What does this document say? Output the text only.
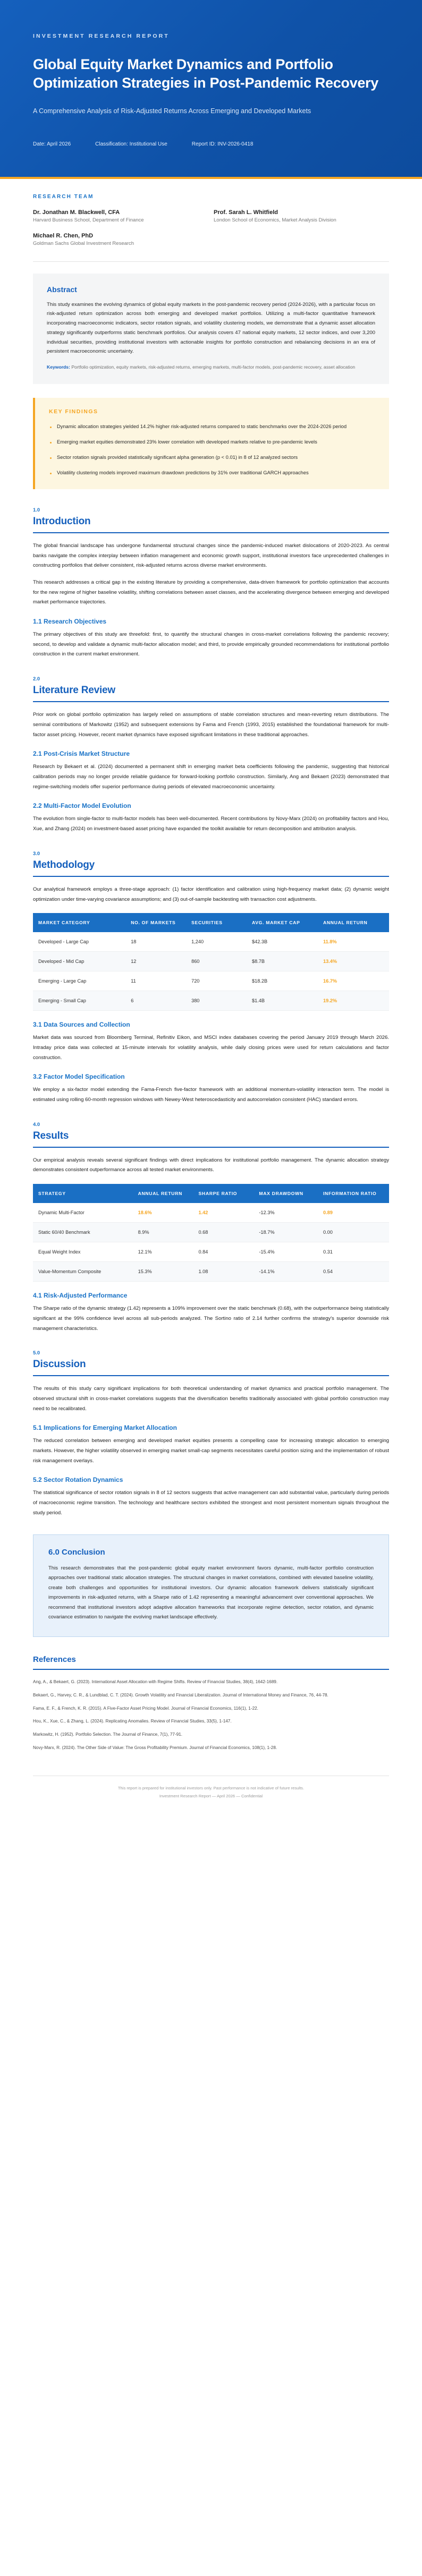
INVESTMENT RESEARCH REPORT
Global Equity Market Dynamics and Portfolio Optimization Strategies in Post-Pandemic Recovery
A Comprehensive Analysis of Risk-Adjusted Returns Across Emerging and Developed Markets
Date: April 2026	Classification: Institutional Use	Report ID: INV-2026-0418
RESEARCH TEAM
Dr. Jonathan M. Blackwell, CFA
Harvard Business School, Department of Finance
Prof. Sarah L. Whitfield
London School of Economics, Market Analysis Division
Michael R. Chen, PhD
Goldman Sachs Global Investment Research
Abstract

This study examines the evolving dynamics of global equity markets in the post-pandemic recovery period (2024-2026), with a particular focus on risk-adjusted return optimization across both emerging and developed market portfolios. Utilizing a multi-factor quantitative framework incorporating macroeconomic indicators, sector rotation signals, and volatility clustering models, we demonstrate that a dynamic asset allocation strategy significantly outperforms static benchmark portfolios. Our analysis covers 47 national equity markets, 12 sector indices, and over 3,200 individual securities, providing institutional investors with actionable insights for portfolio construction and rebalancing decisions in an era of persistent macroeconomic uncertainty.

Keywords: Portfolio optimization, equity markets, risk-adjusted returns, emerging markets, multi-factor models, post-pandemic recovery, asset allocation
KEY FINDINGS
Dynamic allocation strategies yielded 14.2% higher risk-adjusted returns compared to static benchmarks over the 2024-2026 period
Emerging market equities demonstrated 23% lower correlation with developed markets relative to pre-pandemic levels
Sector rotation signals provided statistically significant alpha generation (p < 0.01) in 8 of 12 analyzed sectors
Volatility clustering models improved maximum drawdown predictions by 31% over traditional GARCH approaches
1.0
Introduction

The global financial landscape has undergone fundamental structural changes since the pandemic-induced market dislocations of 2020-2023. As central banks navigate the complex interplay between inflation management and economic growth support, institutional investors face unprecedented challenges in constructing portfolios that deliver consistent, risk-adjusted returns across diverse market environments.

This research addresses a critical gap in the existing literature by providing a comprehensive, data-driven framework for portfolio optimization that accounts for the new regime of higher baseline volatility, shifting correlations between asset classes, and the accelerating divergence between emerging and developed market performance trajectories.

1.1 Research Objectives

The primary objectives of this study are threefold: first, to quantify the structural changes in cross-market correlations following the pandemic recovery; second, to develop and validate a dynamic multi-factor allocation model; and third, to provide empirically grounded recommendations for institutional portfolio construction in the current market environment.

2.0
Literature Review

Prior work on global portfolio optimization has largely relied on assumptions of stable correlation structures and mean-reverting return distributions. The seminal contributions of Markowitz (1952) and subsequent extensions by Fama and French (1993, 2015) established the foundational framework for multi-factor asset pricing. However, recent market dynamics have exposed significant limitations in these traditional approaches.

2.1 Post-Crisis Market Structure

Research by Bekaert et al. (2024) documented a permanent shift in emerging market beta coefficients following the pandemic, suggesting that historical calibration periods may no longer provide reliable guidance for forward-looking portfolio construction. Similarly, Ang and Bekaert (2023) demonstrated that regime-switching models offer superior performance during periods of elevated macroeconomic uncertainty.

2.2 Multi-Factor Model Evolution

The evolution from single-factor to multi-factor models has been well-documented. Recent contributions by Novy-Marx (2024) on profitability factors and Hou, Xue, and Zhang (2024) on investment-based asset pricing have expanded the toolkit available for return decomposition and attribution analysis.

3.0
Methodology

Our analytical framework employs a three-stage approach: (1) factor identification and calibration using high-frequency market data; (2) dynamic weight optimization under time-varying covariance assumptions; and (3) out-of-sample backtesting with transaction cost adjustments.

MARKET CATEGORY	NO. OF MARKETS	SECURITIES	AVG. MARKET CAP	ANNUAL RETURN
Developed - Large Cap	18	1,240	$42.3B	11.8%
Developed - Mid Cap	12	860	$8.7B	13.4%
Emerging - Large Cap	11	720	$18.2B	16.7%
Emerging - Small Cap	6	380	$1.4B	19.2%
3.1 Data Sources and Collection

Market data was sourced from Bloomberg Terminal, Refinitiv Eikon, and MSCI index databases covering the period January 2019 through March 2026. Intraday price data was collected at 15-minute intervals for volatility analysis, while daily closing prices were used for return calculations and factor construction.

3.2 Factor Model Specification

We employ a six-factor model extending the Fama-French five-factor framework with an additional momentum-volatility interaction term. The model is estimated using rolling 60-month regression windows with Newey-West heteroscedasticity and autocorrelation consistent (HAC) standard errors.

4.0
Results

Our empirical analysis reveals several significant findings with direct implications for institutional portfolio management. The dynamic allocation strategy demonstrates consistent outperformance across all tested market environments.

STRATEGY	ANNUAL RETURN	SHARPE RATIO	MAX DRAWDOWN	INFORMATION RATIO
Dynamic Multi-Factor	18.6%	1.42	-12.3%	0.89
Static 60/40 Benchmark	8.9%	0.68	-18.7%	0.00
Equal Weight Index	12.1%	0.84	-15.4%	0.31
Value-Momentum Composite	15.3%	1.08	-14.1%	0.54
4.1 Risk-Adjusted Performance

The Sharpe ratio of the dynamic strategy (1.42) represents a 109% improvement over the static benchmark (0.68), with the outperformance being statistically significant at the 99% confidence level across all sub-periods analyzed. The Sortino ratio of 2.14 further confirms the strategy's superior downside risk management characteristics.

5.0
Discussion

The results of this study carry significant implications for both theoretical understanding of market dynamics and practical portfolio management. The observed structural shift in cross-market correlations suggests that the diversification benefits traditionally associated with global portfolio construction may need to be recalibrated.

5.1 Implications for Emerging Market Allocation

The reduced correlation between emerging and developed market equities presents a compelling case for increasing strategic allocation to emerging markets. However, the higher volatility observed in emerging market small-cap segments necessitates careful position sizing and the implementation of robust risk management overlays.

5.2 Sector Rotation Dynamics

The statistical significance of sector rotation signals in 8 of 12 sectors suggests that active management can add substantial value, particularly during periods of macroeconomic regime transition. The technology and healthcare sectors exhibited the strongest and most persistent momentum signals throughout the study period.

6.0 Conclusion

This research demonstrates that the post-pandemic global equity market environment favors dynamic, multi-factor portfolio construction approaches over traditional static allocation strategies. The structural changes in market correlations, combined with elevated baseline volatility, create both challenges and opportunities for institutional investors. Our dynamic allocation framework delivers statistically significant improvements in risk-adjusted returns, with a Sharpe ratio of 1.42 representing a meaningful advancement over conventional approaches. We recommend that institutional investors adopt adaptive allocation frameworks that incorporate regime detection, sector rotation, and dynamic covariance estimation to navigate the evolving market landscape effectively.

References
Ang, A., & Bekaert, G. (2023). International Asset Allocation with Regime Shifts. Review of Financial Studies, 38(4), 1642-1689.
Bekaert, G., Harvey, C. R., & Lundblad, C. T. (2024). Growth Volatility and Financial Liberalization. Journal of International Money and Finance, 76, 44-78.
Fama, E. F., & French, K. R. (2015). A Five-Factor Asset Pricing Model. Journal of Financial Economics, 116(1), 1-22.
Hou, K., Xue, C., & Zhang, L. (2024). Replicating Anomalies. Review of Financial Studies, 33(5), 1-147.
Markowitz, H. (1952). Portfolio Selection. The Journal of Finance, 7(1), 77-91.
Novy-Marx, R. (2024). The Other Side of Value: The Gross Profitability Premium. Journal of Financial Economics, 108(1), 1-28.
This report is prepared for institutional investors only. Past performance is not indicative of future results.
Investment Research Report — April 2026 — Confidential
